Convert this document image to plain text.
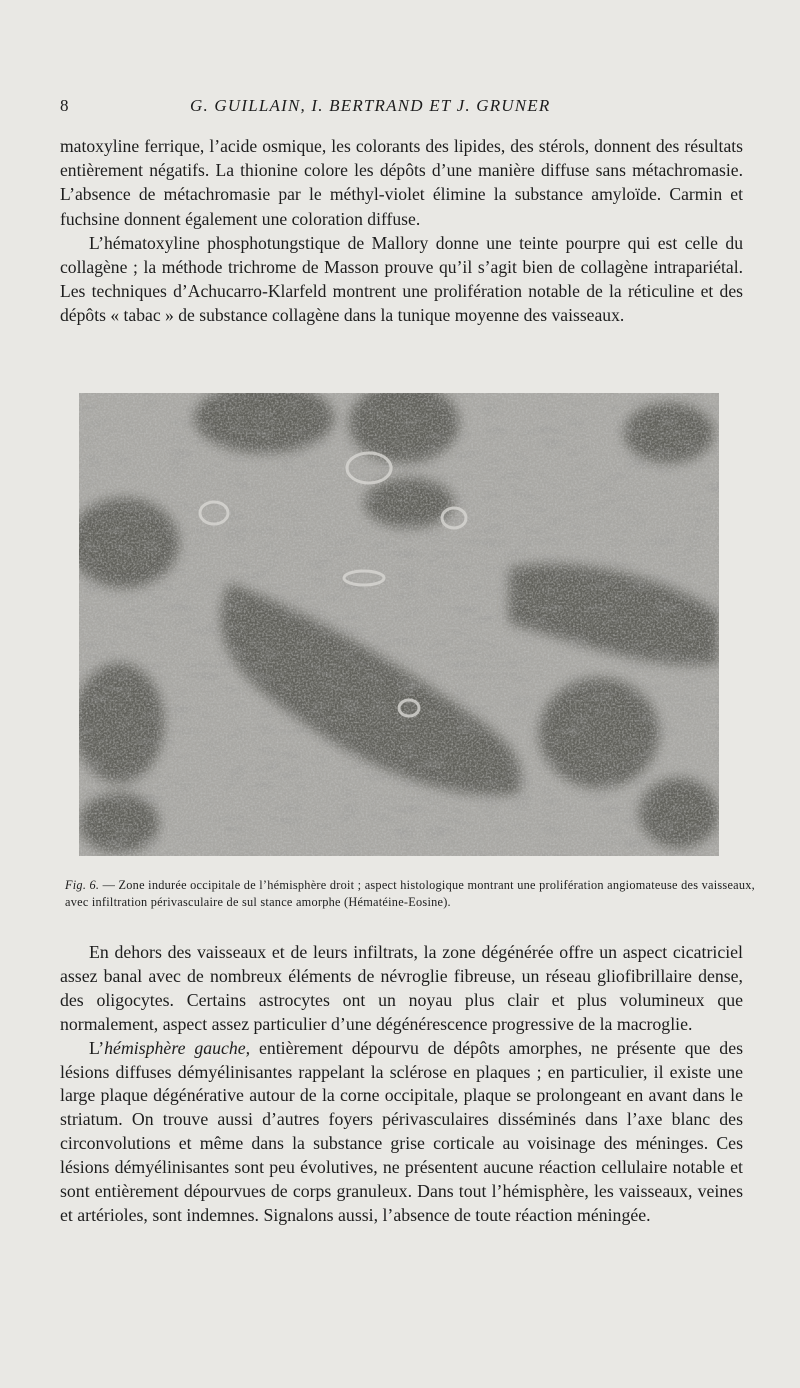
8	G. GUILLAIN, I. BERTRAND ET J. GRUNER

matoxyline ferrique, l’acide osmique, les colorants des lipides, des stérols, donnent des résultats entièrement négatifs. La thionine colore les dépôts d’une manière diffuse sans métachromasie. L’absence de métachromasie par le méthyl-violet élimine la substance amyloïde. Carmin et fuchsine donnent également une coloration diffuse.

L’hématoxyline phosphotungstique de Mallory donne une teinte pourpre qui est celle du collagène ; la méthode trichrome de Masson prouve qu’il s’agit bien de collagène intrapariétal. Les techniques d’Achucarro-Klarfeld montrent une prolifération notable de la réticuline et des dépôts « tabac » de substance collagène dans la tunique moyenne des vaisseaux.

Fig. 6. — Zone indurée occipitale de l’hémisphère droit ; aspect histologique montrant une prolifération angiomateuse des vaisseaux, avec infiltration périvasculaire de sul stance amorphe (Hématéine-Eosine).

En dehors des vaisseaux et de leurs infiltrats, la zone dégénérée offre un aspect cicatriciel assez banal avec de nombreux éléments de névroglie fibreuse, un réseau gliofibrillaire dense, des oligocytes. Certains astrocytes ont un noyau plus clair et plus volumineux que normalement, aspect assez particulier d’une dégénérescence progressive de la macroglie.

L’hémisphère gauche, entièrement dépourvu de dépôts amorphes, ne présente que des lésions diffuses démyélinisantes rappelant la sclérose en plaques ; en particulier, il existe une large plaque dégénérative autour de la corne occipitale, plaque se prolongeant en avant dans le striatum. On trouve aussi d’autres foyers périvasculaires disséminés dans l’axe blanc des circonvolutions et même dans la substance grise corticale au voisinage des méninges. Ces lésions démyélinisantes sont peu évolutives, ne présentent aucune réaction cellulaire notable et sont entièrement dépourvues de corps granuleux. Dans tout l’hémisphère, les vaisseaux, veines et artérioles, sont indemnes. Signalons aussi, l’absence de toute réaction méningée.
